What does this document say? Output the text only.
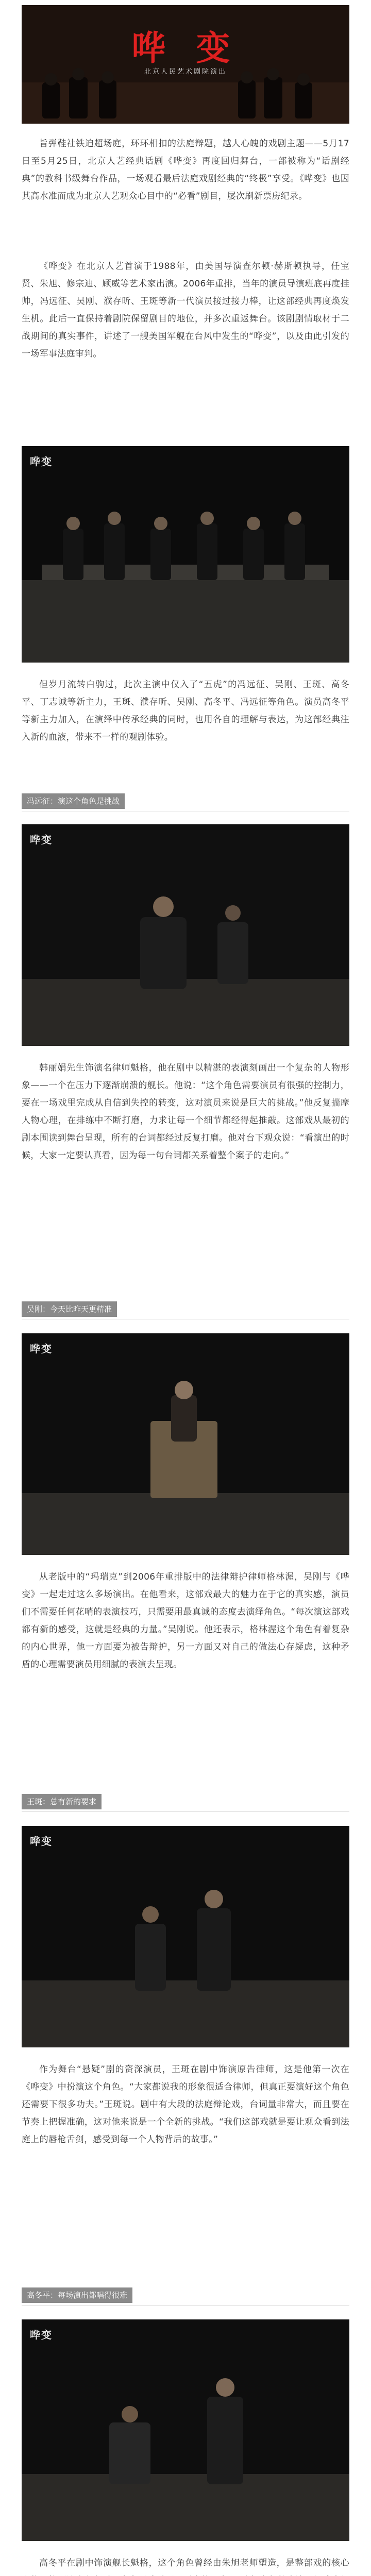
哗 变
北京人民艺术剧院演出

旨弹鞋社铁迫超场庭，环环相扣的法庭辩题，越人心魄的戏剧主题——5月17日至5月25日，北京人艺经典话剧《哗变》再度回归舞台，一部被称为“话剧经典”的教科书级舞台作品，一场观看最后法庭戏剧经典的“终极”享受。《哗变》也因其高水准而成为北京人艺观众心目中的“必看”剧目，屡次刷新票房纪录。

《哗变》在北京人艺首演于1988年，由美国导演查尔顿·赫斯顿执导，任宝贤、朱旭、修宗迪、顾威等艺术家出演。2006年重排，当年的演员导演班底再度挂帅，冯远征、吴刚、濮存昕、王斑等新一代演员接过接力棒，让这部经典再度焕发生机。此后一直保持着剧院保留剧目的地位，并多次重返舞台。该剧剧情取材于二战期间的真实事件，讲述了一艘美国军舰在台风中发生的“哗变”，以及由此引发的一场军事法庭审判。

哗变

但岁月流转白驹过，此次主演中仅入了“五虎”的冯远征、吴刚、王斑、高冬平、丁志诚等新主力，王斑、濮存昕、吴刚、高冬平、冯远征等角色。演员高冬平等新主力加入，在演绎中传承经典的同时，也用各自的理解与表达，为这部经典注入新的血液，带来不一样的观剧体验。

冯远征：演这个角色是挑战
哗变

韩丽娟先生饰演名律师魁格，他在剧中以精湛的表演刻画出一个复杂的人物形象——一个在压力下逐渐崩溃的舰长。他说：“这个角色需要演员有很强的控制力，要在一场戏里完成从自信到失控的转变，这对演员来说是巨大的挑战。”他反复揣摩人物心理，在排练中不断打磨，力求让每一个细节都经得起推敲。这部戏从最初的剧本围读到舞台呈现，所有的台词都经过反复打磨。他对台下观众说：“看演出的时候，大家一定要认真看，因为每一句台词都关系着整个案子的走向。”

吴刚：今天比昨天更精准
哗变

从老版中的“玛瑞克”到2006年重排版中的法律辩护律师格林渥，吴刚与《哗变》一起走过这么多场演出。在他看来，这部戏最大的魅力在于它的真实感，演员们不需要任何花哨的表演技巧，只需要用最真诚的态度去演绎角色。“每次演这部戏都有新的感受，这就是经典的力量。”吴刚说。他还表示，格林渥这个角色有着复杂的内心世界，他一方面要为被告辩护，另一方面又对自己的做法心存疑虑，这种矛盾的心理需要演员用细腻的表演去呈现。

王斑：总有新的要求
哗变

作为舞台“悬疑”剧的资深演员，王斑在剧中饰演原告律师，这是他第一次在《哗变》中扮演这个角色。“大家都说我的形象很适合律师，但真正要演好这个角色还需要下很多功夫。”王斑说。剧中有大段的法庭辩论戏，台词量非常大，而且要在节奏上把握准确，这对他来说是一个全新的挑战。“我们这部戏就是要让观众看到法庭上的唇枪舌剑，感受到每一个人物背后的故事。”

高冬平：每场演出都唱得很难
哗变

高冬平在剧中饰演舰长魁格，这个角色曾经由朱旭老师塑造，是整部戏的核心
